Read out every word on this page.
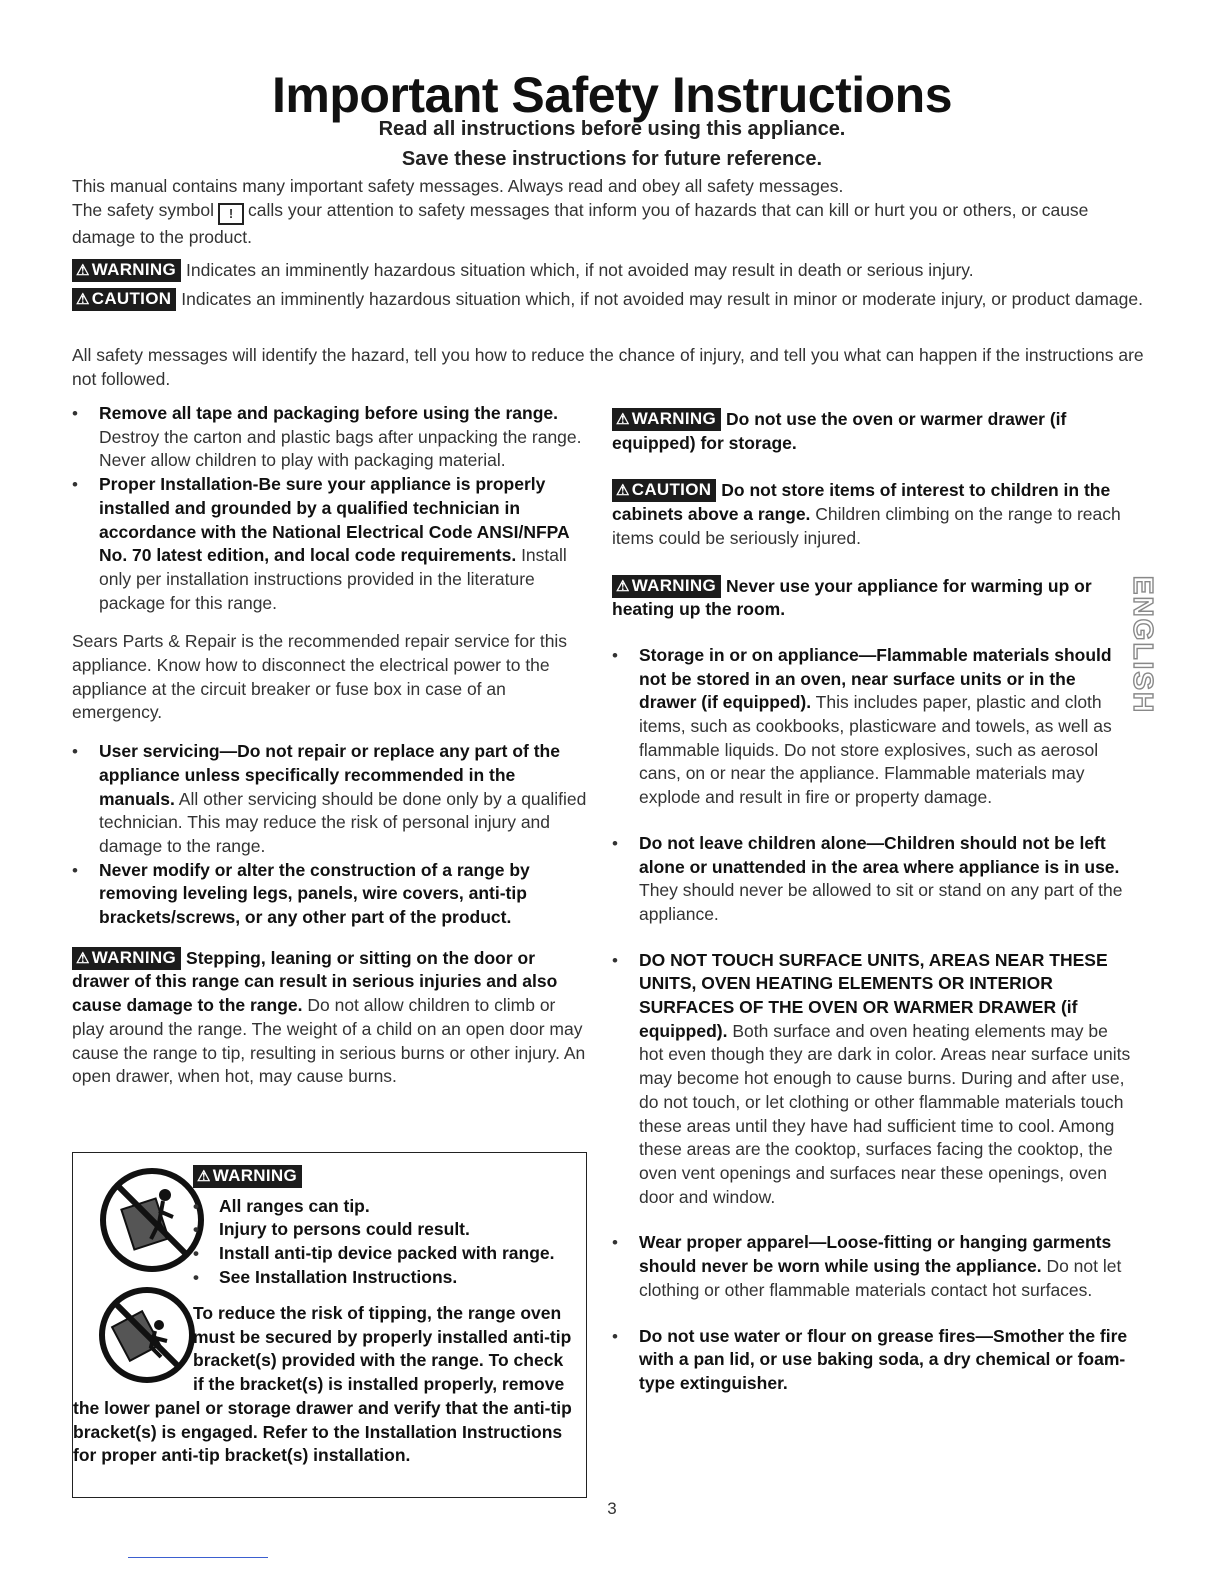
Important Safety Instructions
Read all instructions before using this appliance.
Save these instructions for future reference.

This manual contains many important safety messages. Always read and obey all safety messages.

The safety symbol ! calls your attention to safety messages that inform you of hazards that can kill or hurt you or others, or cause damage to the product.

⚠ WARNING Indicates an imminently hazardous situation which, if not avoided may result in death or serious injury.

⚠ CAUTION Indicates an imminently hazardous situation which, if not avoided may result in minor or moderate injury, or product damage.

All safety messages will identify the hazard, tell you how to reduce the chance of injury, and tell you what can happen if the instructions are not followed.

• Remove all tape and packaging before using the range. Destroy the carton and plastic bags after unpacking the range. Never allow children to play with packaging material.
• Proper Installation-Be sure your appliance is properly installed and grounded by a qualified technician in accordance with the National Electrical Code ANSI/NFPA No. 70 latest edition, and local code requirements. Install only per installation instructions provided in the literature package for this range.

Sears Parts & Repair is the recommended repair service for this appliance. Know how to disconnect the electrical power to the appliance at the circuit breaker or fuse box in case of an emergency.

• User servicing—Do not repair or replace any part of the appliance unless specifically recommended in the manuals. All other servicing should be done only by a qualified technician. This may reduce the risk of personal injury and damage to the range.
• Never modify or alter the construction of a range by removing leveling legs, panels, wire covers, anti-tip brackets/screws, or any other part of the product.

⚠ WARNING Stepping, leaning or sitting on the door or drawer of this range can result in serious injuries and also cause damage to the range. Do not allow children to climb or play around the range. The weight of a child on an open door may cause the range to tip, resulting in serious burns or other injury. An open drawer, when hot, may cause burns.

⚠ WARNING
• All ranges can tip.
• Injury to persons could result.
• Install anti-tip device packed with range.
• See Installation Instructions.

To reduce the risk of tipping, the range oven must be secured by properly installed anti-tip bracket(s) provided with the range. To check if the bracket(s) is installed properly, remove the lower panel or storage drawer and verify that the anti-tip bracket(s) is engaged. Refer to the Installation Instructions for proper anti-tip bracket(s) installation.

⚠ WARNING Do not use the oven or warmer drawer (if equipped) for storage.

⚠ CAUTION Do not store items of interest to children in the cabinets above a range. Children climbing on the range to reach items could be seriously injured.

⚠ WARNING Never use your appliance for warming up or heating up the room.

• Storage in or on appliance—Flammable materials should not be stored in an oven, near surface units or in the drawer (if equipped). This includes paper, plastic and cloth items, such as cookbooks, plasticware and towels, as well as flammable liquids. Do not store explosives, such as aerosol cans, on or near the appliance. Flammable materials may explode and result in fire or property damage.
• Do not leave children alone—Children should not be left alone or unattended in the area where appliance is in use. They should never be allowed to sit or stand on any part of the appliance.
• DO NOT TOUCH SURFACE UNITS, AREAS NEAR THESE UNITS, OVEN HEATING ELEMENTS OR INTERIOR SURFACES OF THE OVEN OR WARMER DRAWER (if equipped). Both surface and oven heating elements may be hot even though they are dark in color. Areas near surface units may become hot enough to cause burns. During and after use, do not touch, or let clothing or other flammable materials touch these areas until they have had sufficient time to cool. Among these areas are the cooktop, surfaces facing the cooktop, the oven vent openings and surfaces near these openings, oven door and window.
• Wear proper apparel—Loose-fitting or hanging garments should never be worn while using the appliance. Do not let clothing or other flammable materials contact hot surfaces.
• Do not use water or flour on grease fires—Smother the fire with a pan lid, or use baking soda, a dry chemical or foam-type extinguisher.
ENGLISH
3
